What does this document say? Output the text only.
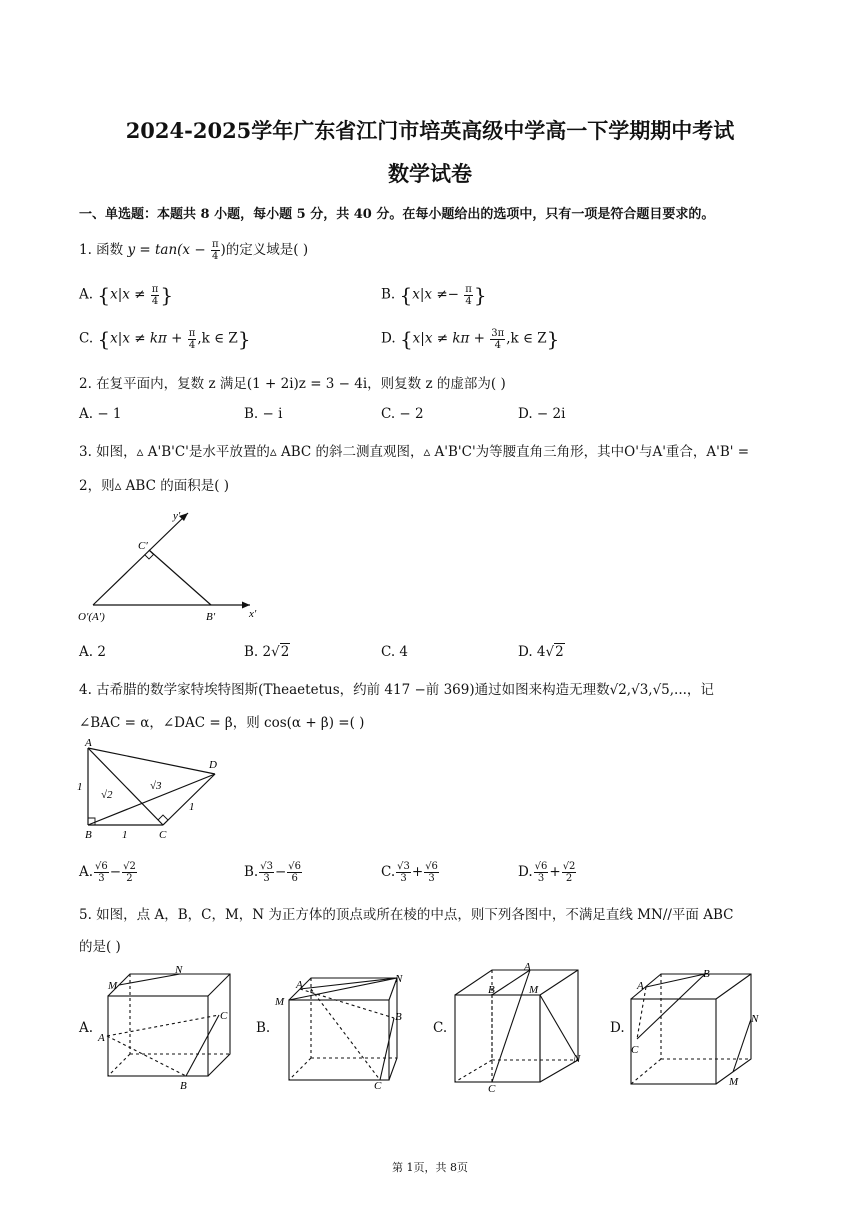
2024-2025学年广东省江门市培英高级中学高一下学期期中考试
数学试卷
一、单选题：本题共 8 小题，每小题 5 分，共 40 分。在每小题给出的选项中，只有一项是符合题目要求的。
1. 函数 $y = \tan(x - \frac{\pi}{4}$ )的定义域是( )
A. {$x|x \ne \frac{\pi}{4}$ }	B. {$x|x \ne- \frac{\pi}{4}$ }
C. {$x|x \ne k\pi + \frac{\pi}{4} ,k$ ∈ Z}	D. {$x|x \ne k\pi + \frac{3\pi}{4} ,k$ ∈ Z}
2. 在复平面内，复数 z 满足(1 + 2i)z = 3 − 4i，则复数 z 的虚部为( )
A. − 1	B. − i	C. − 2	D. − 2i
3. 如图，▵ A'B'C'是水平放置的▵ ABC 的斜二测直观图，▵ A'B'C'为等腰直角三角形，其中O'与A'重合，A'B' =
2，则▵ ABC 的面积是( )
y′
x′
C′
O′(A′)	B′
A. 2	B. 2√2	C. 4	D. 4√2
4. 古希腊的数学家特埃特图斯(Theaetetus，约前 417 −前 369)通过如图来构造无理数√2,√3,√5,...，记
∠BAC = α，∠DAC = β，则 cos(α + β) =( )
A
B	C
D
1
1
1
√2
√3
A. $\frac{√6}{3} - \frac{√2}{2}$	B. $\frac{√3}{3} - \frac{√6}{6}$	C. $\frac{√3}{3} + \frac{√6}{3}$	D. $\frac{√6}{3} + \frac{√2}{2}$
5. 如图，点 A，B，C，M，N 为正方体的顶点或所在棱的中点，则下列各图中，不满足直线 MN//平面 ABC
的是( )
A.	B.	C.	D.
M
N
A
C
B
M
A	N
B
C
A
B	M
N
C
A
B
C
N
M
第 1页，共 8页
